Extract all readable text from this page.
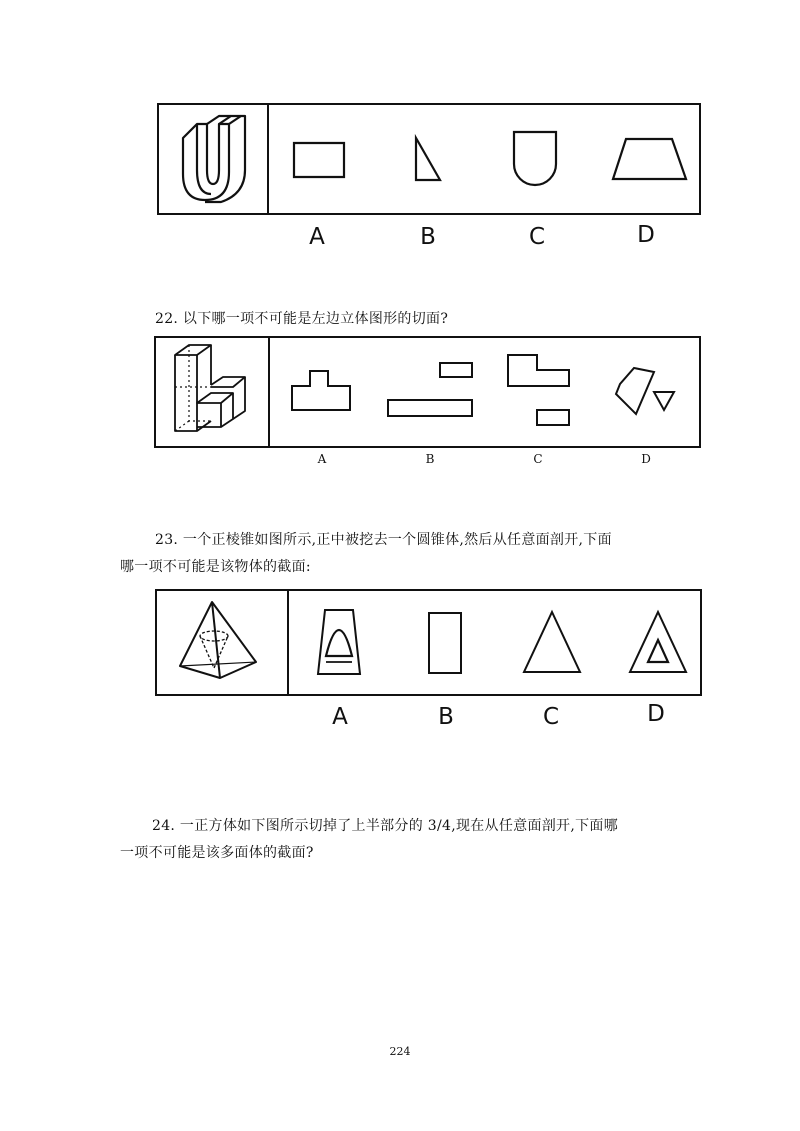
A	B	C	D
22. 以下哪一项不可能是左边立体图形的切面?
A	B	C	D
23. 一个正棱锥如图所示,正中被挖去一个圆锥体,然后从任意面剖开,下面
哪一项不可能是该物体的截面:
A	B	C	D
24. 一正方体如下图所示切掉了上半部分的 3/4,现在从任意面剖开,下面哪
一项不可能是该多面体的截面?
224
